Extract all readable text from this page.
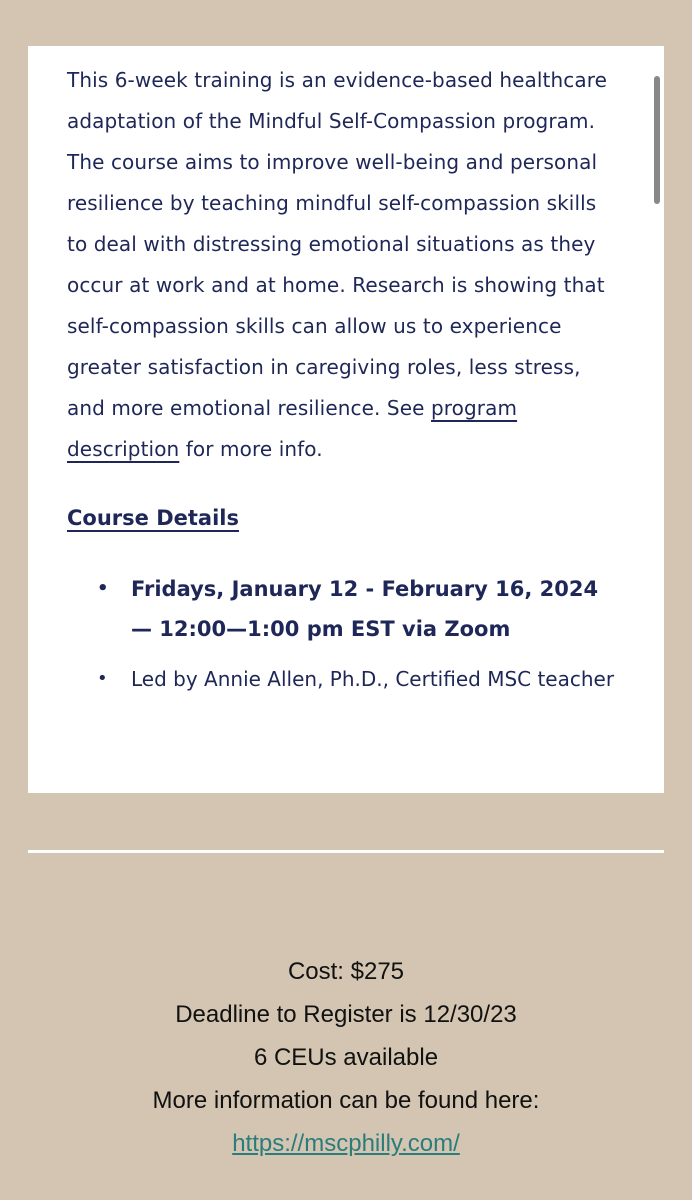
This 6-week training is an evidence-based healthcare adaptation of the Mindful Self-Compassion program. The course aims to improve well-being and personal resilience by teaching mindful self-compassion skills to deal with distressing emotional situations as they occur at work and at home. Research is showing that self-compassion skills can allow us to experience greater satisfaction in caregiving roles, less stress, and more emotional resilience. See program description for more info.

Course Details
• Fridays, January 12 - February 16, 2024 — 12:00—1:00 pm EST via Zoom
• Led by Annie Allen, Ph.D., Certified MSC teacher
Cost: $275
Deadline to Register is 12/30/23
6 CEUs available
More information can be found here:
https://mscphilly.com/
